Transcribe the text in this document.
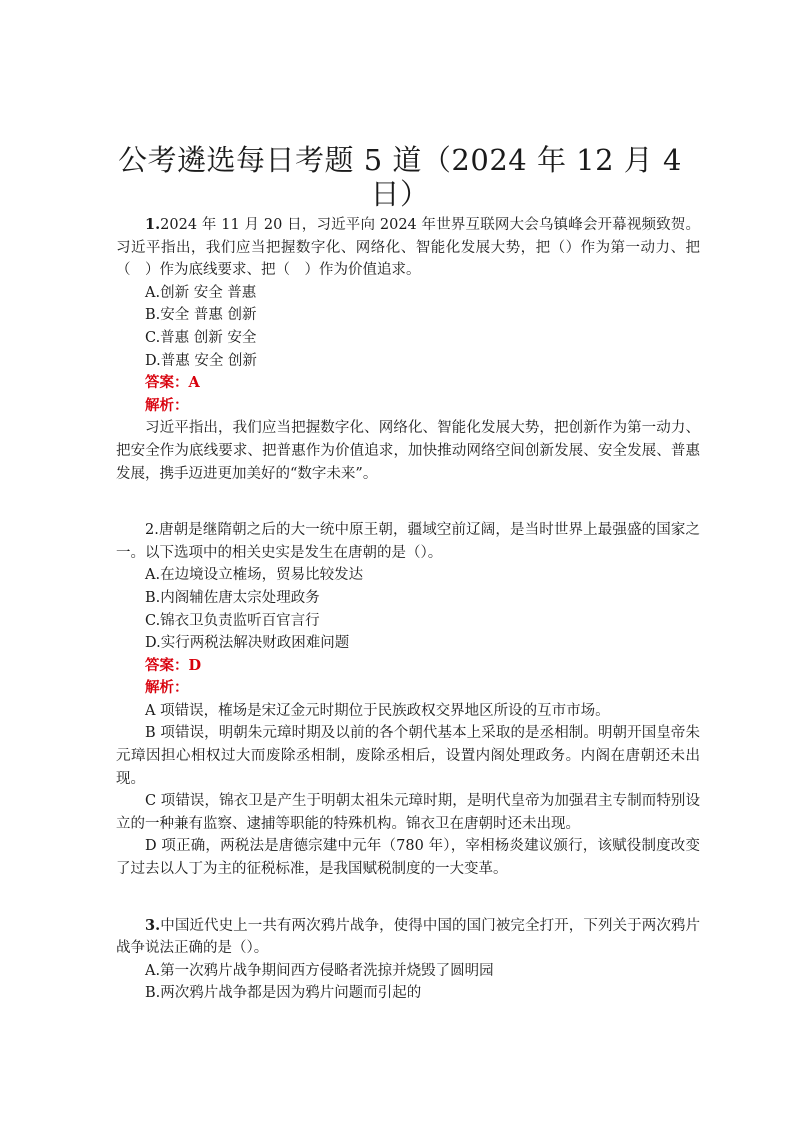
公考遴选每日考题 5 道（2024 年 12 月 4 日）

1.2024 年 11 月 20 日，习近平向 2024 年世界互联网大会乌镇峰会开幕视频致贺。习近平指出，我们应当把握数字化、网络化、智能化发展大势，把（）作为第一动力、把（　）作为底线要求、把（　）作为价值追求。

A.创新 安全 普惠

B.安全 普惠 创新

C.普惠 创新 安全

D.普惠 安全 创新

答案：A

解析：

习近平指出，我们应当把握数字化、网络化、智能化发展大势，把创新作为第一动力、把安全作为底线要求、把普惠作为价值追求，加快推动网络空间创新发展、安全发展、普惠发展，携手迈进更加美好的“数字未来”。

2.唐朝是继隋朝之后的大一统中原王朝，疆域空前辽阔，是当时世界上最强盛的国家之一。以下选项中的相关史实是发生在唐朝的是（）。

A.在边境设立榷场，贸易比较发达

B.内阁辅佐唐太宗处理政务

C.锦衣卫负责监听百官言行

D.实行两税法解决财政困难问题

答案：D

解析：

A 项错误，榷场是宋辽金元时期位于民族政权交界地区所设的互市市场。

B 项错误，明朝朱元璋时期及以前的各个朝代基本上采取的是丞相制。明朝开国皇帝朱元璋因担心相权过大而废除丞相制，废除丞相后，设置内阁处理政务。内阁在唐朝还未出现。

C 项错误，锦衣卫是产生于明朝太祖朱元璋时期，是明代皇帝为加强君主专制而特别设立的一种兼有监察、逮捕等职能的特殊机构。锦衣卫在唐朝时还未出现。

D 项正确，两税法是唐德宗建中元年（780 年），宰相杨炎建议颁行，该赋役制度改变了过去以人丁为主的征税标准，是我国赋税制度的一大变革。

3.中国近代史上一共有两次鸦片战争，使得中国的国门被完全打开，下列关于两次鸦片战争说法正确的是（）。

A.第一次鸦片战争期间西方侵略者洗掠并烧毁了圆明园

B.两次鸦片战争都是因为鸦片问题而引起的
